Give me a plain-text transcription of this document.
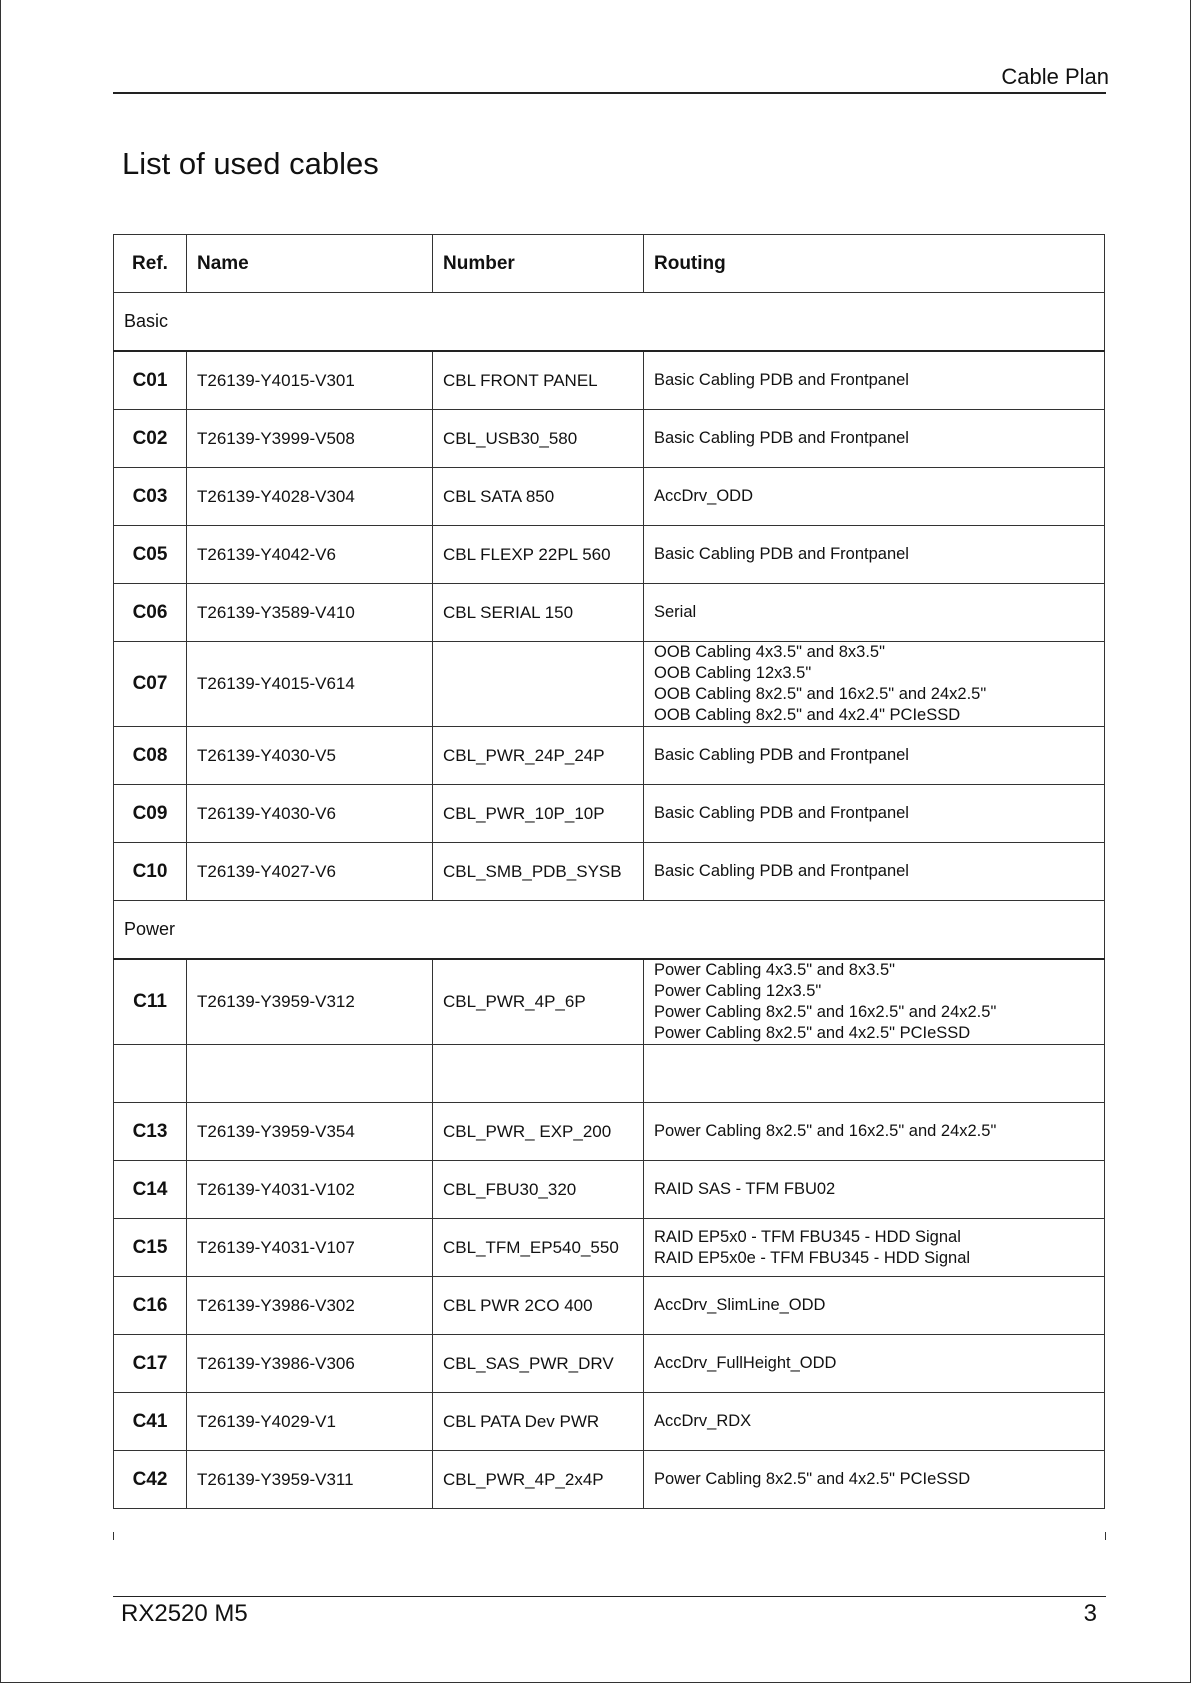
Cable Plan
List of used cables
Ref.	Name	Number	Routing
Basic			
C01	T26139-Y4015-V301	CBL FRONT PANEL	Basic Cabling PDB and Frontpanel

C02	T26139-Y3999-V508	CBL_USB30_580	Basic Cabling PDB and Frontpanel

C03	T26139-Y4028-V304	CBL SATA 850	AccDrv_ODD

C05	T26139-Y4042-V6	CBL FLEXP 22PL 560	Basic Cabling PDB and Frontpanel

C06	T26139-Y3589-V410	CBL SERIAL 150	Serial

C07	T26139-Y4015-V614		OOB Cabling 4x3.5" and 8x3.5"
OOB Cabling 12x3.5"
OOB Cabling 8x2.5" and 16x2.5" and 24x2.5"
OOB Cabling 8x2.5" and 4x2.4" PCIeSSD

C08	T26139-Y4030-V5	CBL_PWR_24P_24P	Basic Cabling PDB and Frontpanel

C09	T26139-Y4030-V6	CBL_PWR_10P_10P	Basic Cabling PDB and Frontpanel

C10	T26139-Y4027-V6	CBL_SMB_PDB_SYSB	Basic Cabling PDB and Frontpanel

Power			
C11	T26139-Y3959-V312	CBL_PWR_4P_6P	Power Cabling 4x3.5" and 8x3.5"
Power Cabling 12x3.5"
Power Cabling 8x2.5" and 16x2.5" and 24x2.5"
Power Cabling 8x2.5" and 4x2.5" PCIeSSD

C13	T26139-Y3959-V354	CBL_PWR_ EXP_200	Power Cabling 8x2.5" and 16x2.5" and 24x2.5"

C14	T26139-Y4031-V102	CBL_FBU30_320	RAID SAS - TFM FBU02

C15	T26139-Y4031-V107	CBL_TFM_EP540_550	RAID EP5x0 - TFM FBU345 - HDD Signal
RAID EP5x0e - TFM FBU345 - HDD Signal

C16	T26139-Y3986-V302	CBL PWR 2CO 400	AccDrv_SlimLine_ODD

C17	T26139-Y3986-V306	CBL_SAS_PWR_DRV	AccDrv_FullHeight_ODD

C41	T26139-Y4029-V1	CBL PATA Dev PWR	AccDrv_RDX

C42	T26139-Y3959-V311	CBL_PWR_4P_2x4P	Power Cabling 8x2.5" and 4x2.5" PCIeSSD
RX2520 M5	3
